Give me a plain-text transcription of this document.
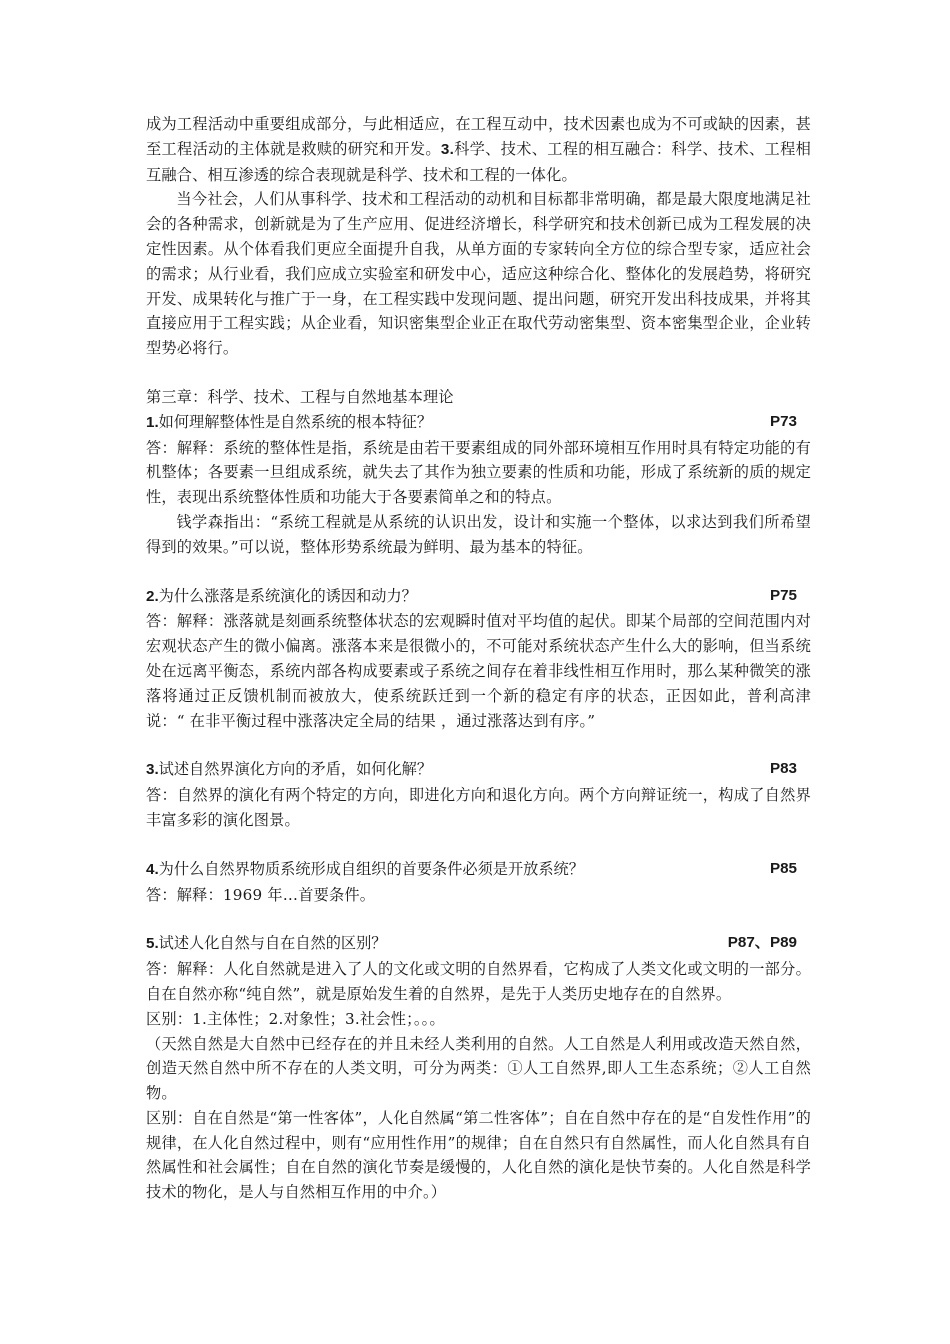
成为工程活动中重要组成部分，与此相适应，在工程互动中，技术因素也成为不可或缺的因素，甚至工程活动的主体就是救赎的研究和开发。3.科学、技术、工程的相互融合：科学、技术、工程相互融合、相互渗透的综合表现就是科学、技术和工程的一体化。

当今社会，人们从事科学、技术和工程活动的动机和目标都非常明确，都是最大限度地满足社会的各种需求，创新就是为了生产应用、促进经济增长，科学研究和技术创新已成为工程发展的决定性因素。从个体看我们更应全面提升自我，从单方面的专家转向全方位的综合型专家，适应社会的需求；从行业看，我们应成立实验室和研发中心，适应这种综合化、整体化的发展趋势，将研究开发、成果转化与推广于一身，在工程实践中发现问题、提出问题，研究开发出科技成果，并将其直接应用于工程实践；从企业看，知识密集型企业正在取代劳动密集型、资本密集型企业，企业转型势必将行。

第三章：科学、技术、工程与自然地基本理论

1.如何理解整体性是自然系统的根本特征？	P73

答：解释：系统的整体性是指，系统是由若干要素组成的同外部环境相互作用时具有特定功能的有机整体；各要素一旦组成系统，就失去了其作为独立要素的性质和功能，形成了系统新的质的规定性，表现出系统整体性质和功能大于各要素简单之和的特点。

钱学森指出：“系统工程就是从系统的认识出发，设计和实施一个整体，以求达到我们所希望得到的效果。”可以说，整体形势系统最为鲜明、最为基本的特征。

2.为什么涨落是系统演化的诱因和动力？	P75

答：解释：涨落就是刻画系统整体状态的宏观瞬时值对平均值的起伏。即某个局部的空间范围内对宏观状态产生的微小偏离。涨落本来是很微小的，不可能对系统状态产生什么大的影响，但当系统处在远离平衡态，系统内部各构成要素或子系统之间存在着非线性相互作用时，那么某种微笑的涨落将通过正反馈机制而被放大，使系统跃迁到一个新的稳定有序的状态，正因如此，普利高津说：“ 在非平衡过程中涨落决定全局的结果 ，通过涨落达到有序。”

3.试述自然界演化方向的矛盾，如何化解？	P83

答：自然界的演化有两个特定的方向，即进化方向和退化方向。两个方向辩证统一，构成了自然界丰富多彩的演化图景。

4.为什么自然界物质系统形成自组织的首要条件必须是开放系统？	P85

答：解释：1969 年…首要条件。

5.试述人化自然与自在自然的区别？	P87、P89

答：解释：人化自然就是进入了人的文化或文明的自然界看，它构成了人类文化或文明的一部分。自在自然亦称“纯自然”，就是原始发生着的自然界，是先于人类历史地存在的自然界。

区别：1.主体性；2.对象性；3.社会性；。。。

（天然自然是大自然中已经存在的并且未经人类利用的自然。人工自然是人利用或改造天然自然，创造天然自然中所不存在的人类文明，可分为两类：①人工自然界,即人工生态系统；②人工自然物。

区别：自在自然是“第一性客体”，人化自然属“第二性客体”；自在自然中存在的是“自发性作用”的规律，在人化自然过程中，则有“应用性作用”的规律；自在自然只有自然属性，而人化自然具有自然属性和社会属性；自在自然的演化节奏是缓慢的，人化自然的演化是快节奏的。人化自然是科学技术的物化，是人与自然相互作用的中介。）
